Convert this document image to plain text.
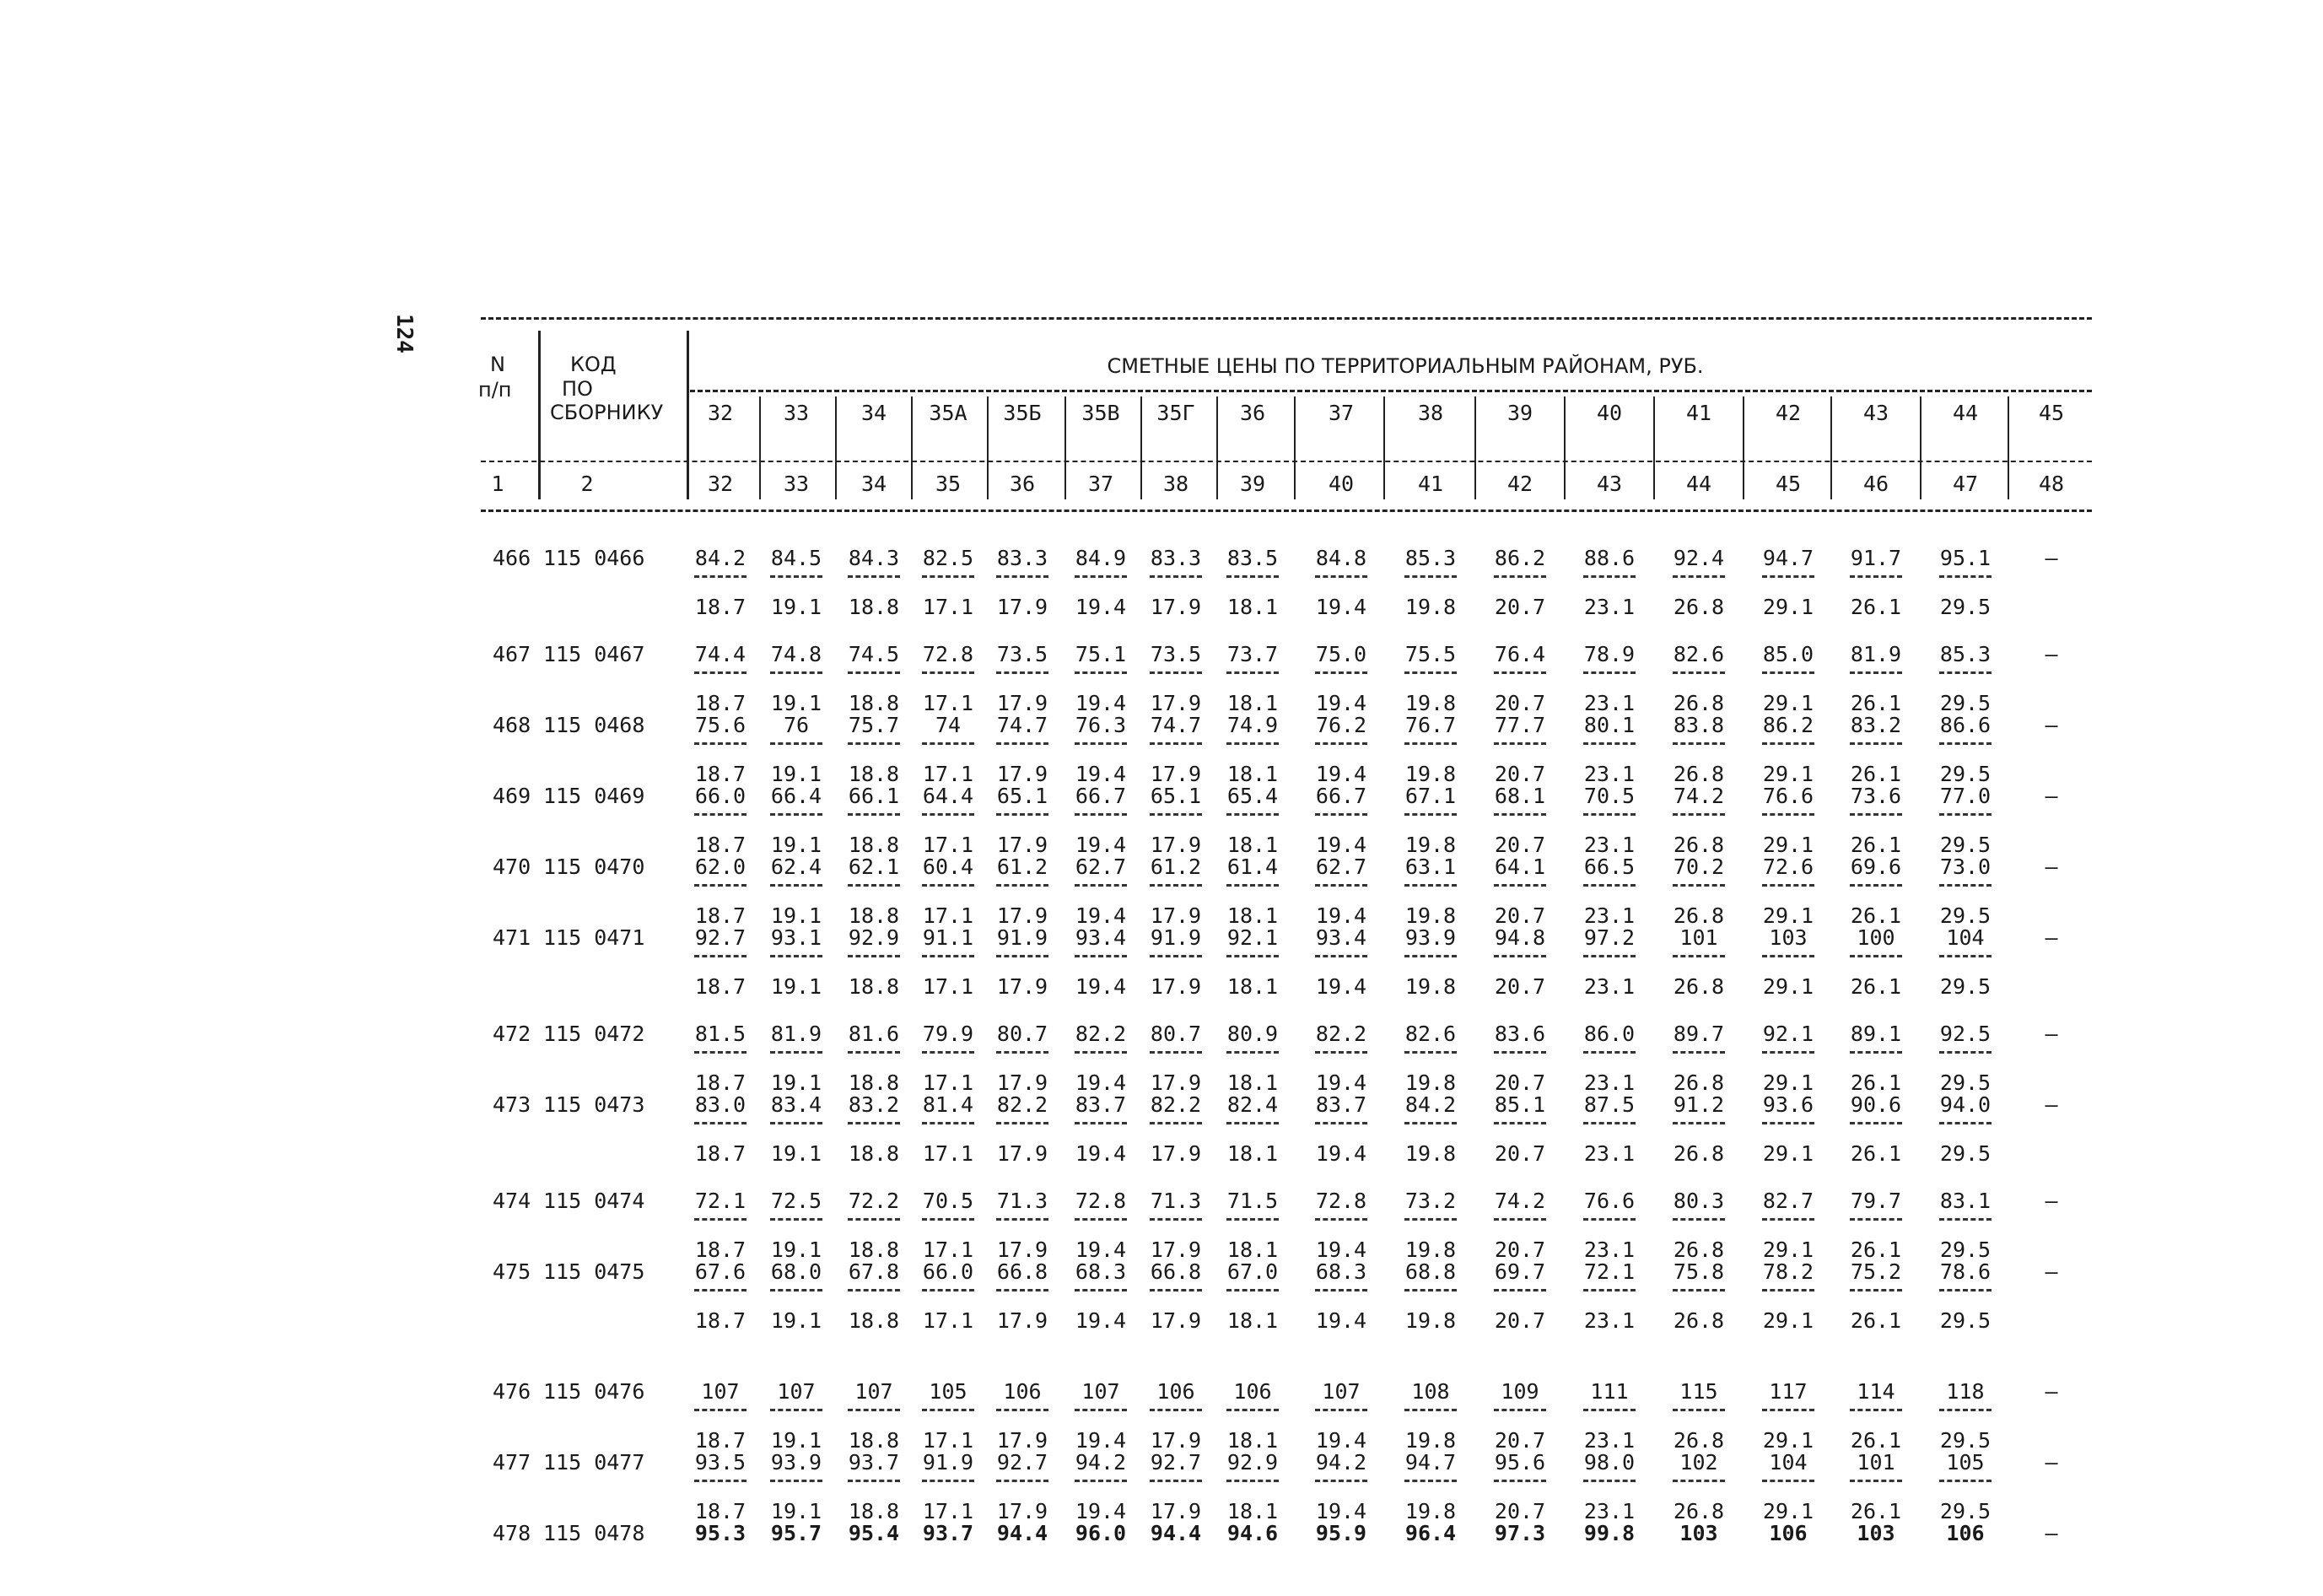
124
N
п/п
КОД
ПО
СБОРНИКУ
СМЕТНЫЕ ЦЕНЫ ПО ТЕРРИТОРИАЛЬНЫМ РАЙОНАМ, РУБ.
32 33 34 35А 35Б 35В 35Г 36	37	38	39	40	41	42	43	44	45
1	2	32 33 34 35 36	37 38 39	40	41	42	43	44	45	46	47	48
466 115 0466 84.2 84.5 84.3 82.5 83.3 84.9 83.3 83.5 84.8 85.3 86.2 88.6 92.4 94.7 91.7 95.1	–
18.7 19.1 18.8 17.1 17.9 19.4 17.9 18.1 19.4 19.8 20.7 23.1 26.8 29.1 26.1 29.5
467 115 0467 74.4 74.8 74.5 72.8 73.5 75.1 73.5 73.7 75.0 75.5 76.4 78.9 82.6 85.0 81.9 85.3	–
18.7 19.1 18.8 17.1 17.9 19.4 17.9 18.1 19.4 19.8 20.7 23.1 26.8 29.1 26.1 29.5
468 115 0468 75.6 76 75.7 74 74.7 76.3 74.7 74.9 76.2 76.7 77.7 80.1 83.8 86.2 83.2 86.6	–
18.7 19.1 18.8 17.1 17.9 19.4 17.9 18.1 19.4 19.8 20.7 23.1 26.8 29.1 26.1 29.5
469 115 0469 66.0 66.4 66.1 64.4 65.1 66.7 65.1 65.4 66.7 67.1 68.1 70.5 74.2 76.6 73.6 77.0	–
18.7 19.1 18.8 17.1 17.9 19.4 17.9 18.1 19.4 19.8 20.7 23.1 26.8 29.1 26.1 29.5
470 115 0470 62.0 62.4 62.1 60.4 61.2 62.7 61.2 61.4 62.7 63.1 64.1 66.5 70.2 72.6 69.6 73.0	–
18.7 19.1 18.8 17.1 17.9 19.4 17.9 18.1 19.4 19.8 20.7 23.1 26.8 29.1 26.1 29.5
471 115 0471 92.7 93.1 92.9 91.1 91.9 93.4 91.9 92.1 93.4 93.9 94.8 97.2 101 103 100 104	–
18.7 19.1 18.8 17.1 17.9 19.4 17.9 18.1 19.4 19.8 20.7 23.1 26.8 29.1 26.1 29.5
472 115 0472 81.5 81.9 81.6 79.9 80.7 82.2 80.7 80.9 82.2 82.6 83.6 86.0 89.7 92.1 89.1 92.5	–
18.7 19.1 18.8 17.1 17.9 19.4 17.9 18.1 19.4 19.8 20.7 23.1 26.8 29.1 26.1 29.5
473 115 0473 83.0 83.4 83.2 81.4 82.2 83.7 82.2 82.4 83.7 84.2 85.1 87.5 91.2 93.6 90.6 94.0	–
18.7 19.1 18.8 17.1 17.9 19.4 17.9 18.1 19.4 19.8 20.7 23.1 26.8 29.1 26.1 29.5
474 115 0474 72.1 72.5 72.2 70.5 71.3 72.8 71.3 71.5 72.8 73.2 74.2 76.6 80.3 82.7 79.7 83.1	–
18.7 19.1 18.8 17.1 17.9 19.4 17.9 18.1 19.4 19.8 20.7 23.1 26.8 29.1 26.1 29.5
475 115 0475 67.6 68.0 67.8 66.0 66.8 68.3 66.8 67.0 68.3 68.8 69.7 72.1 75.8 78.2 75.2 78.6	–
18.7 19.1 18.8 17.1 17.9 19.4 17.9 18.1 19.4 19.8 20.7 23.1 26.8 29.1 26.1 29.5
476 115 0476	107 107 107 105 106 107 106 106 107 108 109 111 115 117 114 118	–
18.7 19.1 18.8 17.1 17.9 19.4 17.9 18.1 19.4 19.8 20.7 23.1 26.8 29.1 26.1 29.5
477 115 0477 93.5 93.9 93.7 91.9 92.7 94.2 92.7 92.9 94.2 94.7 95.6 98.0 102 104 101 105	–
18.7 19.1 18.8 17.1 17.9 19.4 17.9 18.1 19.4 19.8 20.7 23.1 26.8 29.1 26.1 29.5
478 115 0478 95.3 95.7 95.4 93.7 94.4 96.0 94.4 94.6 95.9 96.4 97.3 99.8 103 106 103 106	–
